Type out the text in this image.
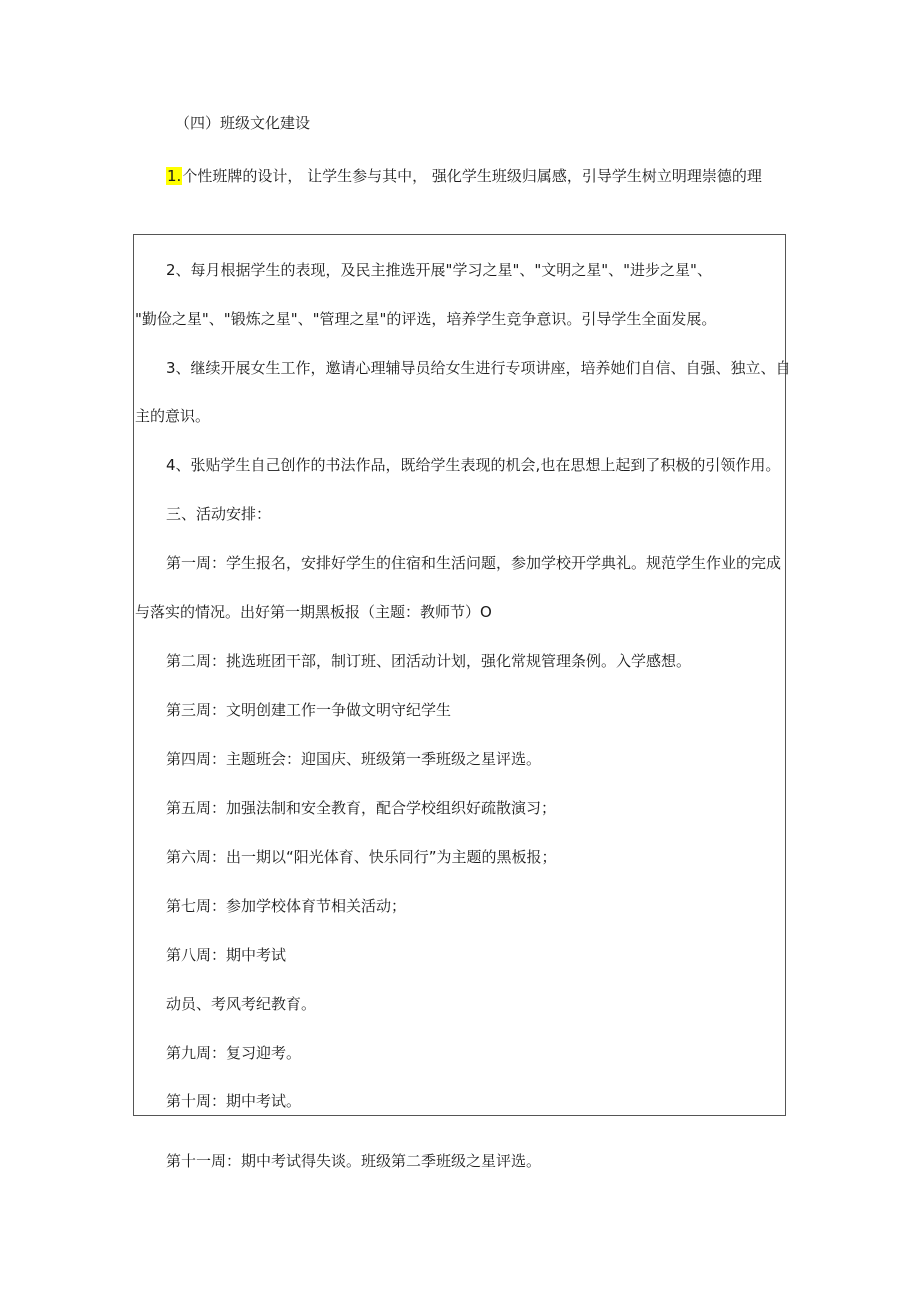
（四）班级文化建设
1.个性班牌的设计， 让学生参与其中， 强化学生班级归属感，引导学生树立明理崇德的理
2、每月根据学生的表现，及民主推选开展"学习之星"、"文明之星"、"进步之星"、
"勤俭之星"、"锻炼之星"、"管理之星"的评选，培养学生竞争意识。引导学生全面发展。
3、继续开展女生工作，邀请心理辅导员给女生进行专项讲座，培养她们自信、自强、独立、自
主的意识。
4、张贴学生自己创作的书法作品，既给学生表现的机会,也在思想上起到了积极的引领作用。
三、活动安排：
第一周：学生报名，安排好学生的住宿和生活问题，参加学校开学典礼。规范学生作业的完成
与落实的情况。出好第一期黑板报（主题：教师节）O
第二周：挑选班团干部，制订班、团活动计划，强化常规管理条例。入学感想。
第三周：文明创建工作一争做文明守纪学生
第四周：主题班会：迎国庆、班级第一季班级之星评选。
第五周：加强法制和安全教育，配合学校组织好疏散演习；
第六周：出一期以“阳光体育、快乐同行”为主题的黑板报；
第七周：参加学校体育节相关活动；
第八周：期中考试
动员、考风考纪教育。
第九周：复习迎考。
第十周：期中考试。
第十一周：期中考试得失谈。班级第二季班级之星评选。
